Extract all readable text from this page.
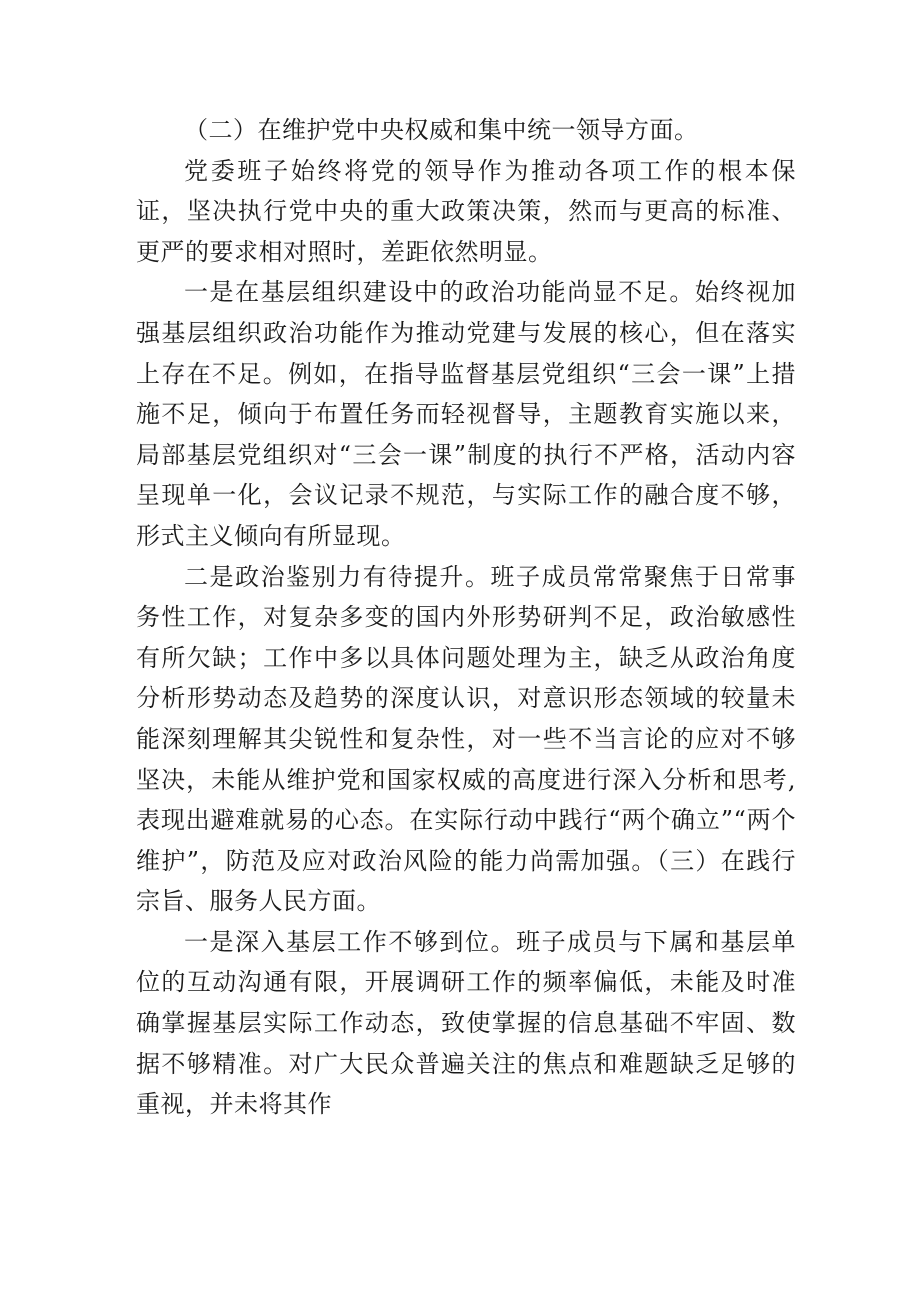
（二）在维护党中央权威和集中统一领导方面。

党委班子始终将党的领导作为推动各项工作的根本保证，坚决执行党中央的重大政策决策，然而与更高的标准、更严的要求相对照时，差距依然明显。

一是在基层组织建设中的政治功能尚显不足。始终视加强基层组织政治功能作为推动党建与发展的核心，但在落实上存在不足。例如，在指导监督基层党组织“三会一课”上措施不足，倾向于布置任务而轻视督导，主题教育实施以来，局部基层党组织对“三会一课”制度的执行不严格，活动内容呈现单一化，会议记录不规范，与实际工作的融合度不够，形式主义倾向有所显现。

二是政治鉴别力有待提升。班子成员常常聚焦于日常事务性工作，对复杂多变的国内外形势研判不足，政治敏感性有所欠缺；工作中多以具体问题处理为主，缺乏从政治角度分析形势动态及趋势的深度认识，对意识形态领域的较量未能深刻理解其尖锐性和复杂性，对一些不当言论的应对不够坚决，未能从维护党和国家权威的高度进行深入分析和思考,表现出避难就易的心态。在实际行动中践行“两个确立”“两个维护”，防范及应对政治风险的能力尚需加强。（三）在践行宗旨、服务人民方面。

一是深入基层工作不够到位。班子成员与下属和基层单位的互动沟通有限，开展调研工作的频率偏低，未能及时准确掌握基层实际工作动态，致使掌握的信息基础不牢固、数据不够精准。对广大民众普遍关注的焦点和难题缺乏足够的重视，并未将其作
